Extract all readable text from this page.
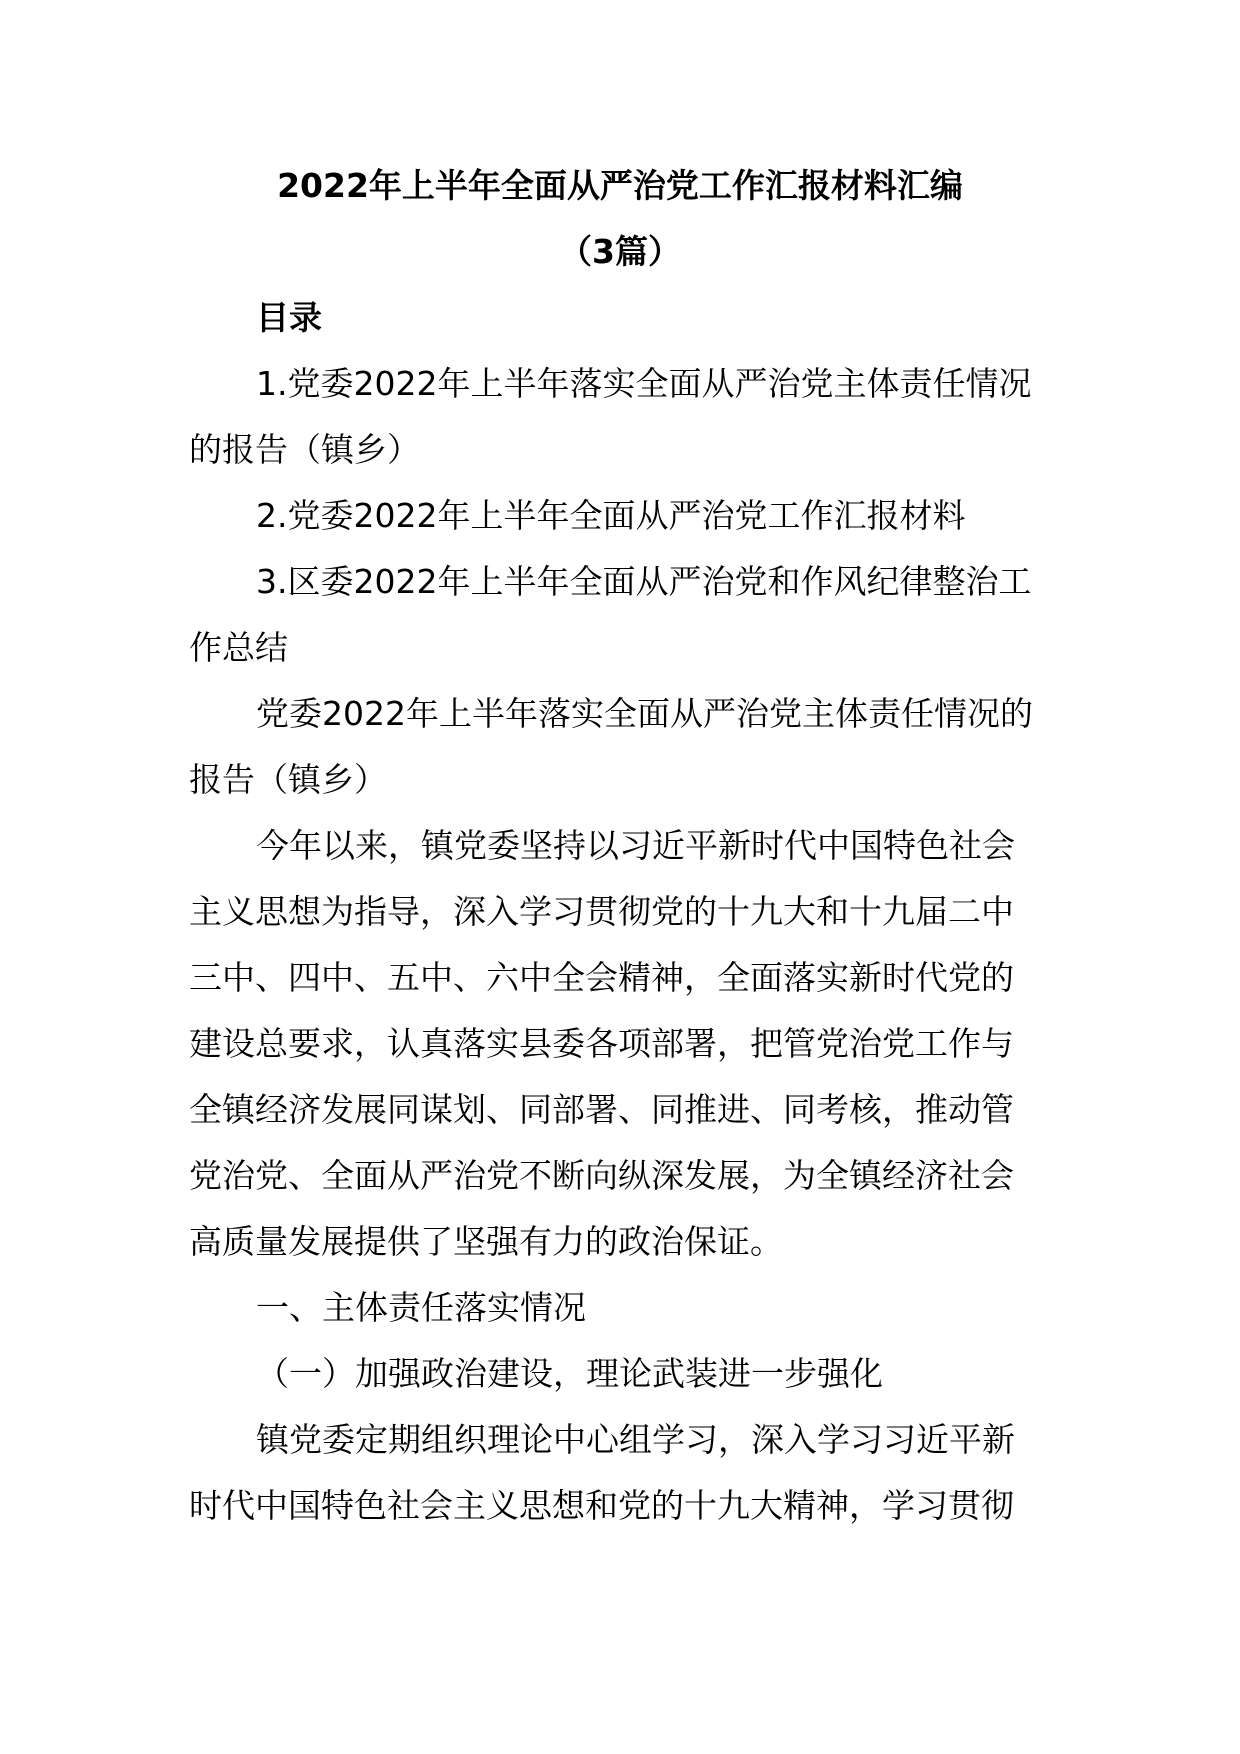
2022年上半年全面从严治党工作汇报材料汇编
（3篇）
目录
1.党委2022年上半年落实全面从严治党主体责任情况
的报告（镇乡）
2.党委2022年上半年全面从严治党工作汇报材料
3.区委2022年上半年全面从严治党和作风纪律整治工
作总结
党委2022年上半年落实全面从严治党主体责任情况的
报告（镇乡）
今年以来，镇党委坚持以习近平新时代中国特色社会
主义思想为指导，深入学习贯彻党的十九大和十九届二中
三中、四中、五中、六中全会精神，全面落实新时代党的
建设总要求，认真落实县委各项部署，把管党治党工作与
全镇经济发展同谋划、同部署、同推进、同考核，推动管
党治党、全面从严治党不断向纵深发展，为全镇经济社会
高质量发展提供了坚强有力的政治保证。
一、主体责任落实情况
（一）加强政治建设，理论武装进一步强化
镇党委定期组织理论中心组学习，深入学习习近平新
时代中国特色社会主义思想和党的十九大精神，学习贯彻
